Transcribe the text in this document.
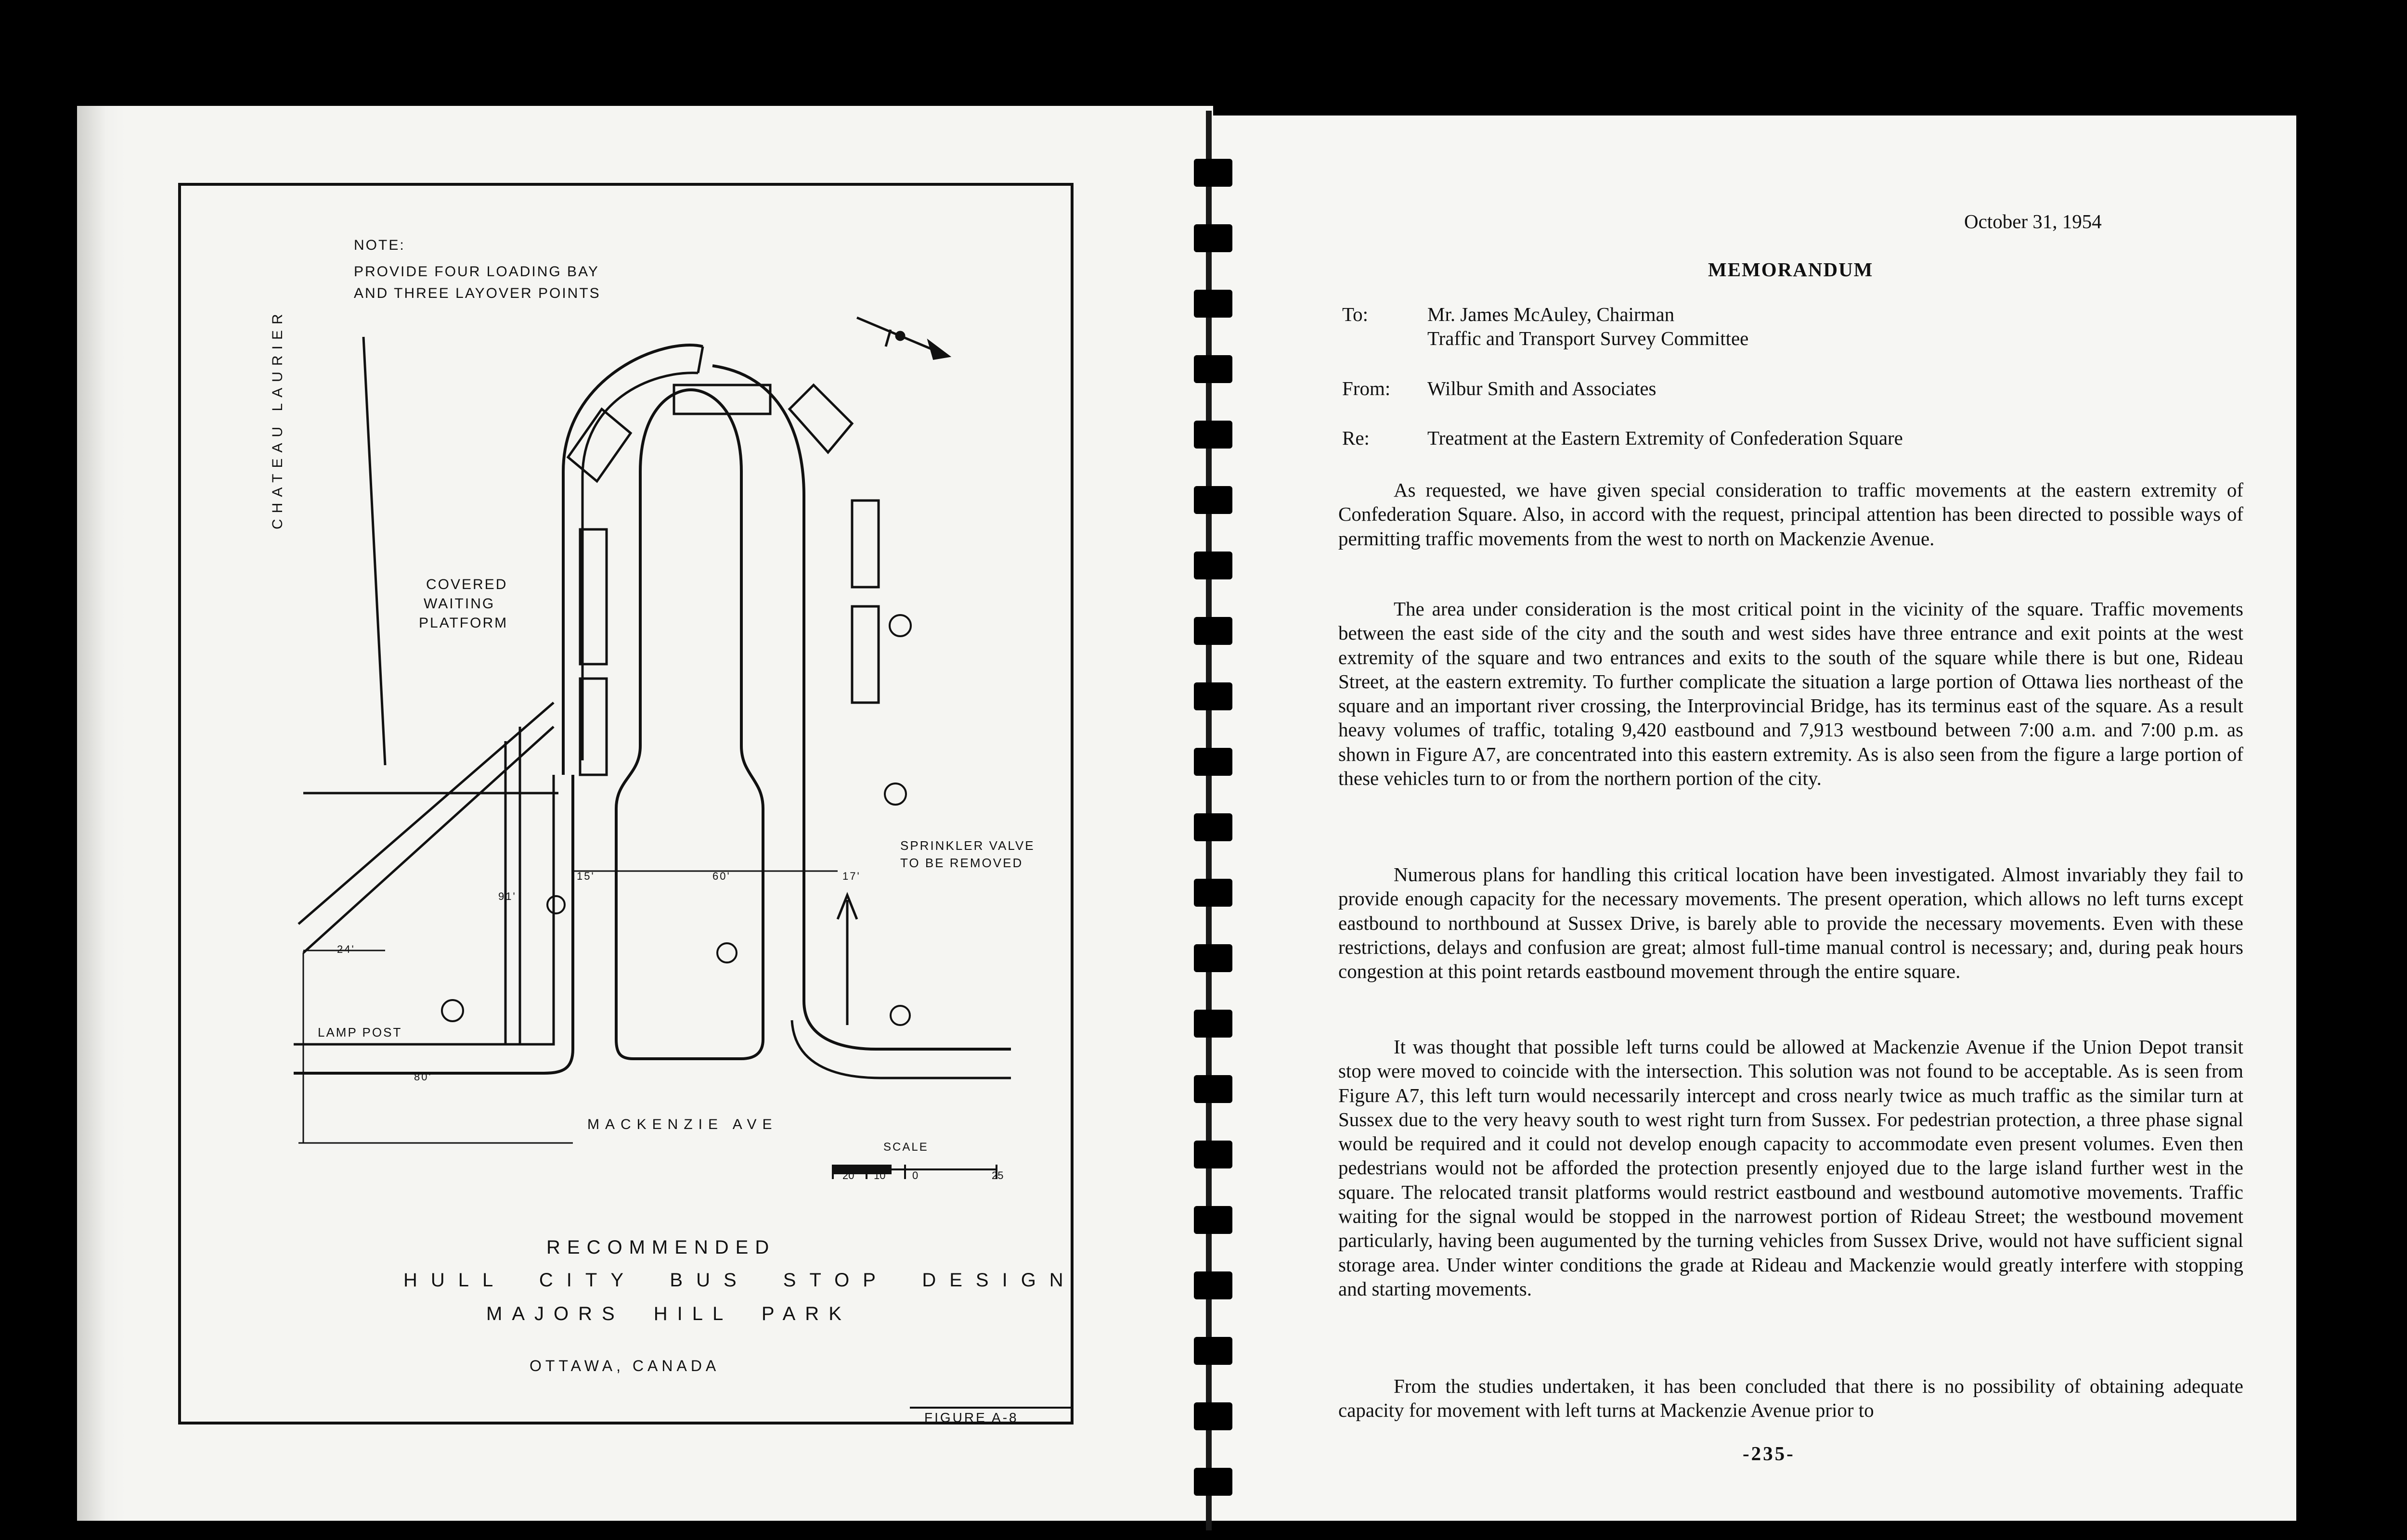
NOTE:
PROVIDE FOUR LOADING BAY
AND THREE LAYOVER POINTS
CHATEAU LAURIER
COVERED
WAITING
PLATFORM
SPRINKLER VALVE
TO BE REMOVED
LAMP POST
MACKENZIE AVE
15'	60'	17'
24'
80'
91'
SCALE
20 10	0	25
RECOMMENDED
HULL CITY BUS STOP DESIGN
MAJORS HILL PARK
OTTAWA, CANADA
FIGURE A-8
October 31, 1954
MEMORANDUM
To:	Mr. James McAuley, Chairman
Traffic and Transport Survey Committee
From: Wilbur Smith and Associates
Re:	Treatment at the Eastern Extremity of Confederation Square
As requested, we have given special consideration to traffic movements at the eastern extremity of Confederation Square. Also, in accord with the request, principal attention has been directed to possible ways of permitting traffic movements from the west to north on Mackenzie Avenue.
The area under consideration is the most critical point in the vicinity of the square. Traffic movements between the east side of the city and the south and west sides have three entrance and exit points at the west extremity of the square and two entrances and exits to the south of the square while there is but one, Rideau Street, at the eastern extremity. To further complicate the situation a large portion of Ottawa lies northeast of the square and an important river crossing, the Interprovincial Bridge, has its terminus east of the square. As a result heavy volumes of traffic, totaling 9,420 eastbound and 7,913 westbound between 7:00 a.m. and 7:00 p.m. as shown in Figure A7, are concentrated into this eastern extremity. As is also seen from the figure a large portion of these vehicles turn to or from the northern portion of the city.
Numerous plans for handling this critical location have been investigated. Almost invariably they fail to provide enough capacity for the necessary movements. The present operation, which allows no left turns except eastbound to northbound at Sussex Drive, is barely able to provide the necessary movements. Even with these restrictions, delays and confusion are great; almost full-time manual control is necessary; and, during peak hours congestion at this point retards eastbound movement through the entire square.
It was thought that possible left turns could be allowed at Mackenzie Avenue if the Union Depot transit stop were moved to coincide with the intersection. This solution was not found to be acceptable. As is seen from Figure A7, this left turn would necessarily intercept and cross nearly twice as much traffic as the similar turn at Sussex due to the very heavy south to west right turn from Sussex. For pedestrian protection, a three phase signal would be required and it could not develop enough capacity to accommodate even present volumes. Even then pedestrians would not be afforded the protection presently enjoyed due to the large island further west in the square. The relocated transit platforms would restrict eastbound and westbound automotive movements. Traffic waiting for the signal would be stopped in the narrowest portion of Rideau Street; the westbound movement particularly, having been augumented by the turning vehicles from Sussex Drive, would not have sufficient signal storage area. Under winter conditions the grade at Rideau and Mackenzie would greatly interfere with stopping and starting movements.
From the studies undertaken, it has been concluded that there is no possibility of obtaining adequate capacity for movement with left turns at Mackenzie Avenue prior to
-235-
